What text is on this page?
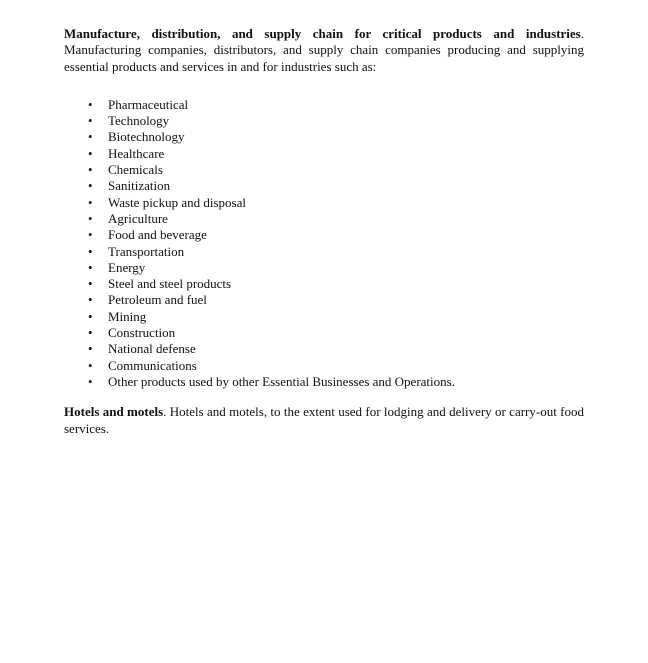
Manufacture, distribution, and supply chain for critical products and industries. Manufacturing companies, distributors, and supply chain companies producing and supplying essential products and services in and for industries such as:

• Pharmaceutical
• Technology
• Biotechnology
• Healthcare
• Chemicals
• Sanitization
• Waste pickup and disposal
• Agriculture
• Food and beverage
• Transportation
• Energy
• Steel and steel products
• Petroleum and fuel
• Mining
• Construction
• National defense
• Communications
• Other products used by other Essential Businesses and Operations.

Hotels and motels. Hotels and motels, to the extent used for lodging and delivery or carry-out food services.
